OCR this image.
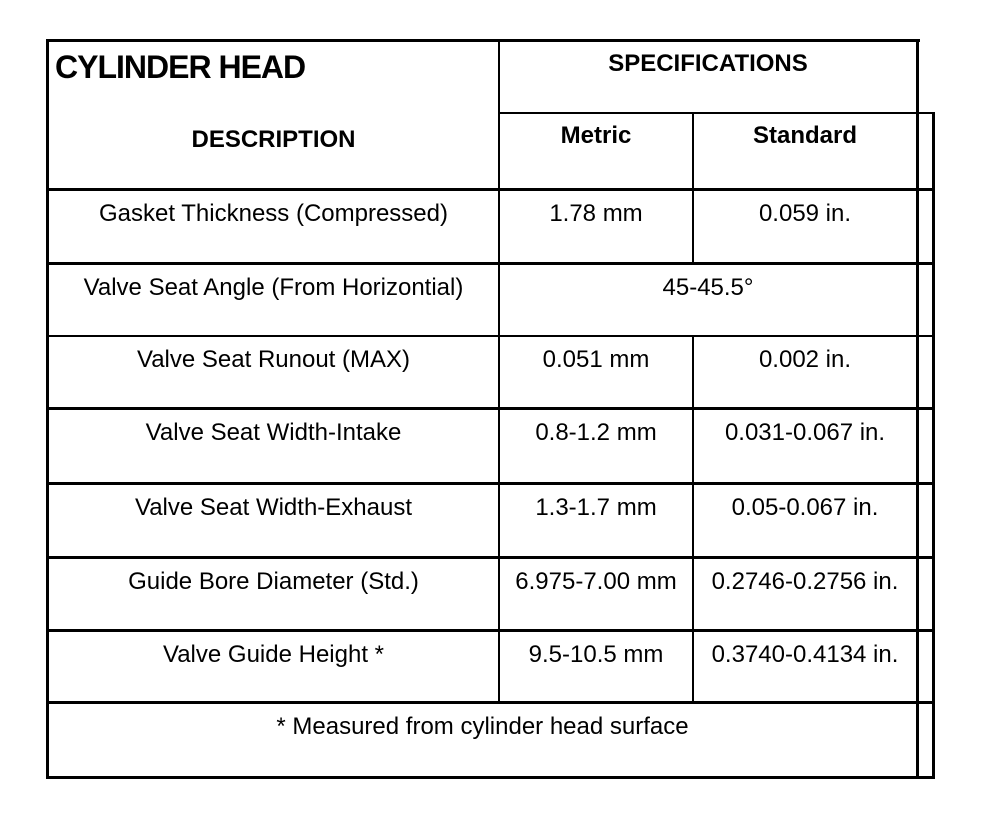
CYLINDER HEAD	SPECIFICATIONS
DESCRIPTION	Metric	Standard
Gasket Thickness (Compressed)	1.78 mm	0.059 in.
Valve Seat Angle (From Horizontial)	45-45.5°
Valve Seat Runout (MAX)	0.051 mm	0.002 in.
Valve Seat Width-Intake	0.8-1.2 mm	0.031-0.067 in.
Valve Seat Width-Exhaust	1.3-1.7 mm	0.05-0.067 in.
Guide Bore Diameter (Std.)	6.975-7.00 mm	0.2746-0.2756 in.
Valve Guide Height *	9.5-10.5 mm	0.3740-0.4134 in.
* Measured from cylinder head surface
